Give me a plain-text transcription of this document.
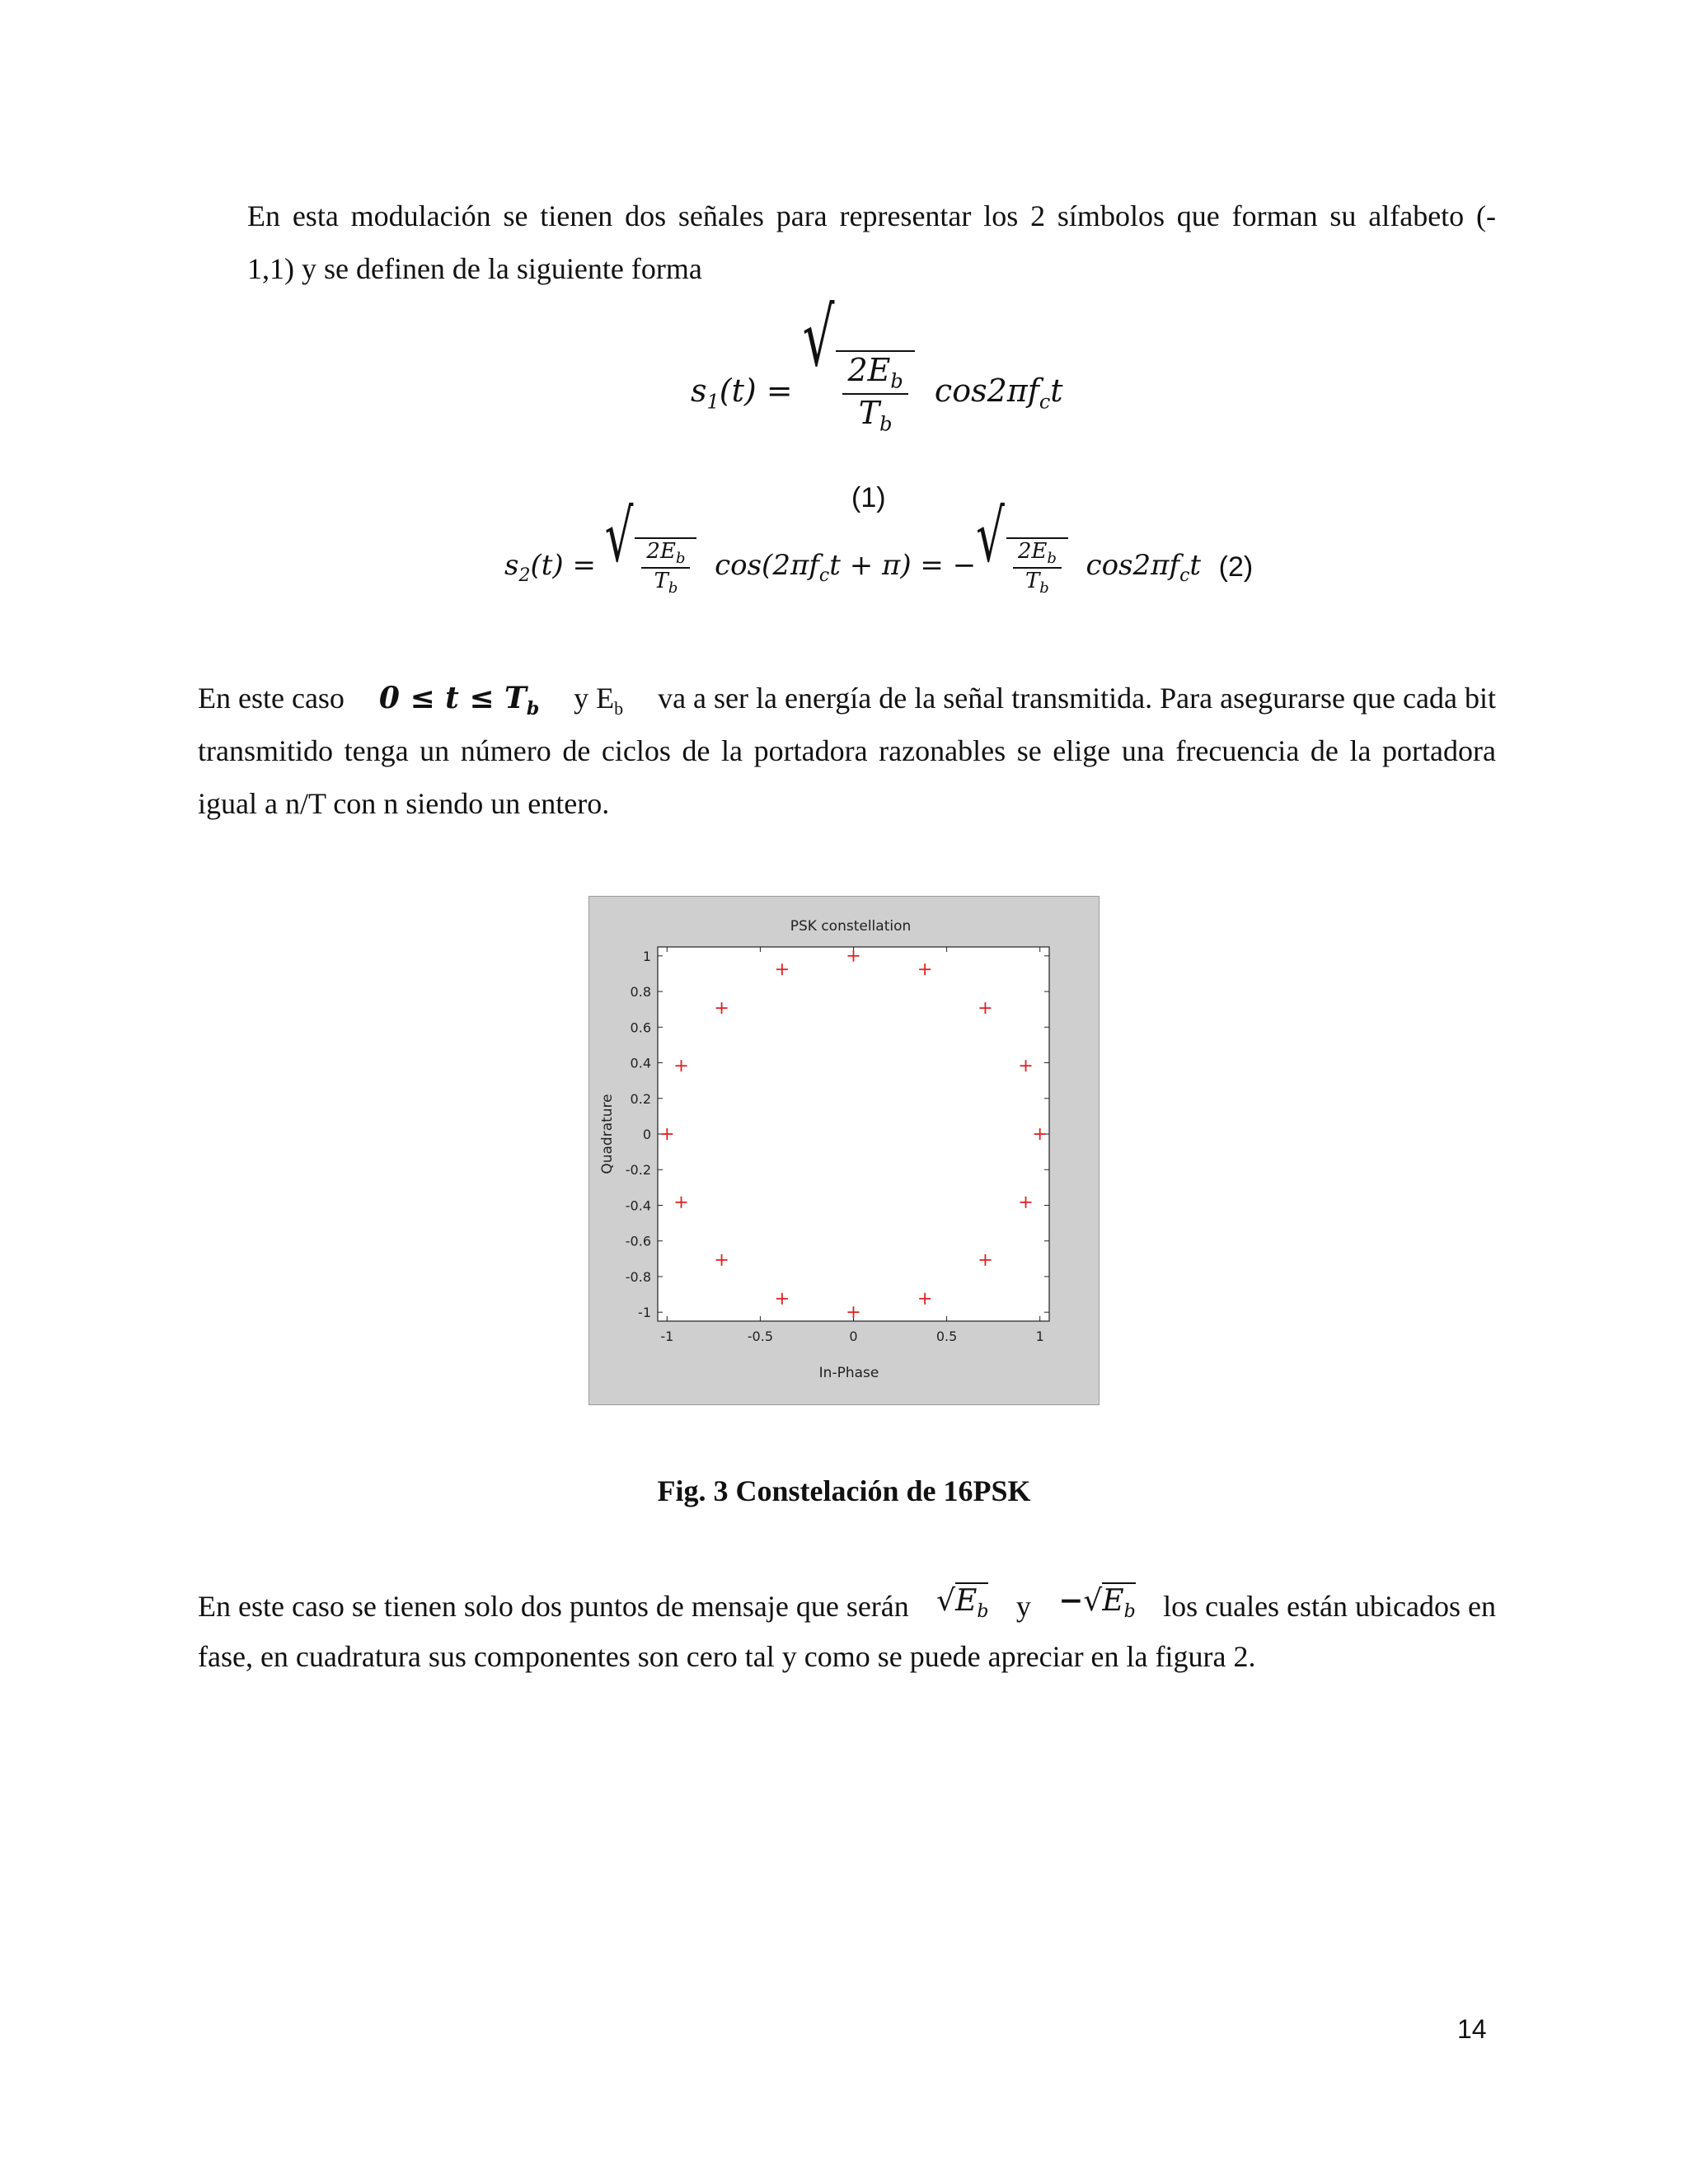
En esta modulación se tienen dos señales para representar los 2 símbolos que forman su alfabeto (-
1,1) y se definen de la siguiente forma
$s_1(t)$ =
√
$\frac{2E_b}{T_b} \cos 2\pi f_ct$
(1)
$s_2(t)$ = √ $\frac{2E_b}{T_b} \cos(2\pi f_ct + \pi)$ = − √ $\frac{2E_b}{T_b} \cos 2\pi f_ct$ (2)
En este caso $0 \le t \le T_b$ y $E_b$ va a ser la energía de la señal transmitida. Para asegurarse que cada bit
transmitido tenga un número de ciclos de la portadora razonables se elige una frecuencia de la portadora
igual a n/T con n siendo un entero.
PSK constellation
-1	-0.5	0	0.5	1
-1
-0.8
-0.6
-0.4
-0.2
0
0.2
0.4
0.6
0.8
1
In-Phase
Quadrature
Fig. 3 Constelación de 16PSK
En este caso se tienen solo dos puntos de mensaje que serán $√E_b$ $y -√E_b$ los cuales están ubicados en
fase, en cuadratura sus componentes son cero tal y como se puede apreciar en la figura 2.
14
